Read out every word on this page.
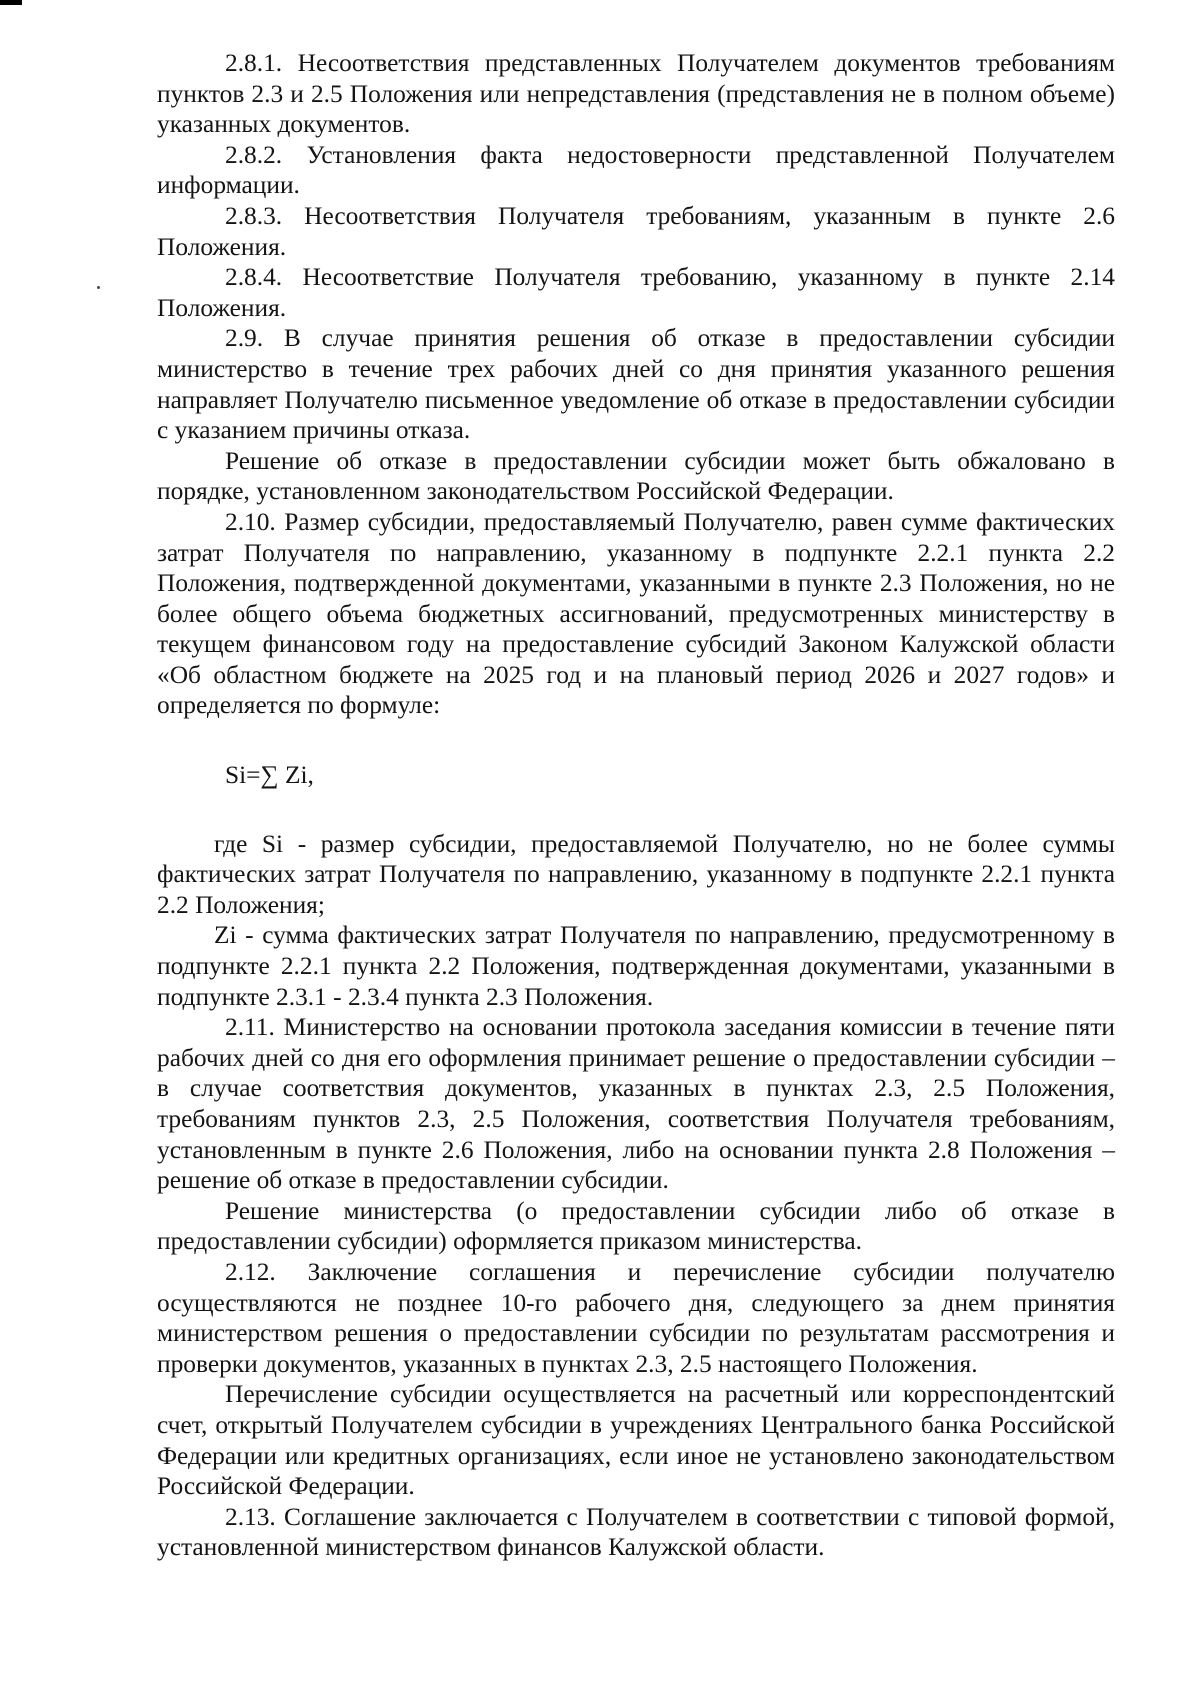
2.8.1. Несоответствия представленных Получателем документов требованиям пунктов 2.3 и 2.5 Положения или непредставления (представления не в полном объеме) указанных документов.

2.8.2. Установления факта недостоверности представленной Получателем информации.

2.8.3. Несоответствия Получателя требованиям, указанным в пункте 2.6 Положения.

2.8.4. Несоответствие Получателя требованию, указанному в пункте 2.14 Положения.

2.9. В случае принятия решения об отказе в предоставлении субсидии министерство в течение трех рабочих дней со дня принятия указанного решения направляет Получателю письменное уведомление об отказе в предоставлении субсидии с указанием причины отказа.

Решение об отказе в предоставлении субсидии может быть обжаловано в порядке, установленном законодательством Российской Федерации.

2.10. Размер субсидии, предоставляемый Получателю, равен сумме фактических затрат Получателя по направлению, указанному в подпункте 2.2.1 пункта 2.2 Положения, подтвержденной документами, указанными в пункте 2.3 Положения, но не более общего объема бюджетных ассигнований, предусмотренных министерству в текущем финансовом году на предоставление субсидий Законом Калужской области «Об областном бюджете на 2025 год и на плановый период 2026 и 2027 годов» и определяется по формуле:

Si=∑ Zi,

где Si - размер субсидии, предоставляемой Получателю, но не более суммы фактических затрат Получателя по направлению, указанному в подпункте 2.2.1 пункта 2.2 Положения;

Zi - сумма фактических затрат Получателя по направлению, предусмотренному в подпункте 2.2.1 пункта 2.2 Положения, подтвержденная документами, указанными в подпункте 2.3.1 - 2.3.4 пункта 2.3 Положения.

2.11. Министерство на основании протокола заседания комиссии в течение пяти рабочих дней со дня его оформления принимает решение о предоставлении субсидии – в случае соответствия документов, указанных в пунктах 2.3, 2.5 Положения, требованиям пунктов 2.3, 2.5 Положения, соответствия Получателя требованиям, установленным в пункте 2.6 Положения, либо на основании пункта 2.8 Положения – решение об отказе в предоставлении субсидии.

Решение министерства (о предоставлении субсидии либо об отказе в предоставлении субсидии) оформляется приказом министерства.

2.12. Заключение соглашения и перечисление субсидии получателю осуществляются не позднее 10-го рабочего дня, следующего за днем принятия министерством решения о предоставлении субсидии по результатам рассмотрения и проверки документов, указанных в пунктах 2.3, 2.5 настоящего Положения.

Перечисление субсидии осуществляется на расчетный или корреспондентский счет, открытый Получателем субсидии в учреждениях Центрального банка Российской Федерации или кредитных организациях, если иное не установлено законодательством Российской Федерации.

2.13. Соглашение заключается с Получателем в соответствии с типовой формой, установленной министерством финансов Калужской области.
